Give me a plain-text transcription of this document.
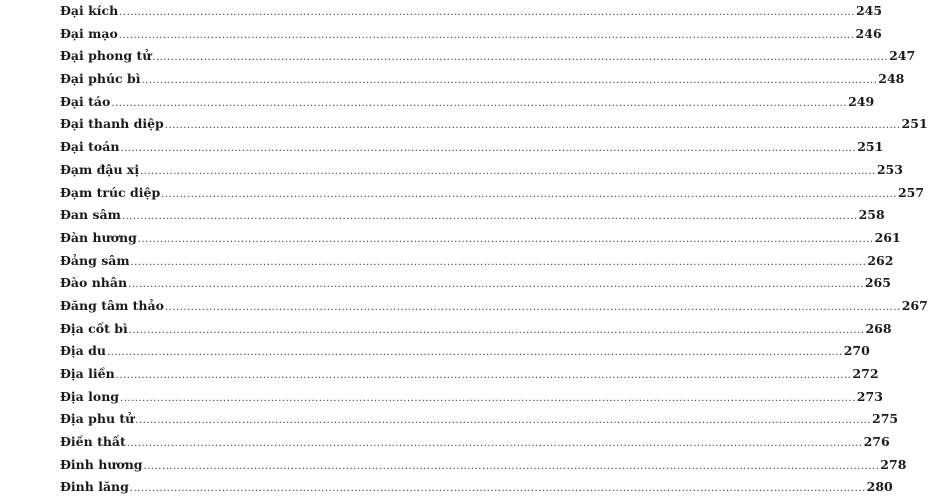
Đại kích .....	245
Đại mạo .....	246
Đại phong tử .....	247
Đại phúc bì .....	248
Đại táo .....	249
Đại thanh diệp .....	251
Đại toán .....	251
Đạm đậu xị .....	253
Đạm trúc diệp .....	257
Đan sâm .....	258
Đàn hương .....	261
Đảng sâm .....	262
Đào nhân .....	265
Đăng tâm thảo .....	267
Địa cốt bì .....	268
Địa du .....	270
Địa liền .....	272
Địa long .....	273
Địa phu tử .....	275
Điền thất .....	276
Đinh hương .....	278
Đinh lăng .....	280
